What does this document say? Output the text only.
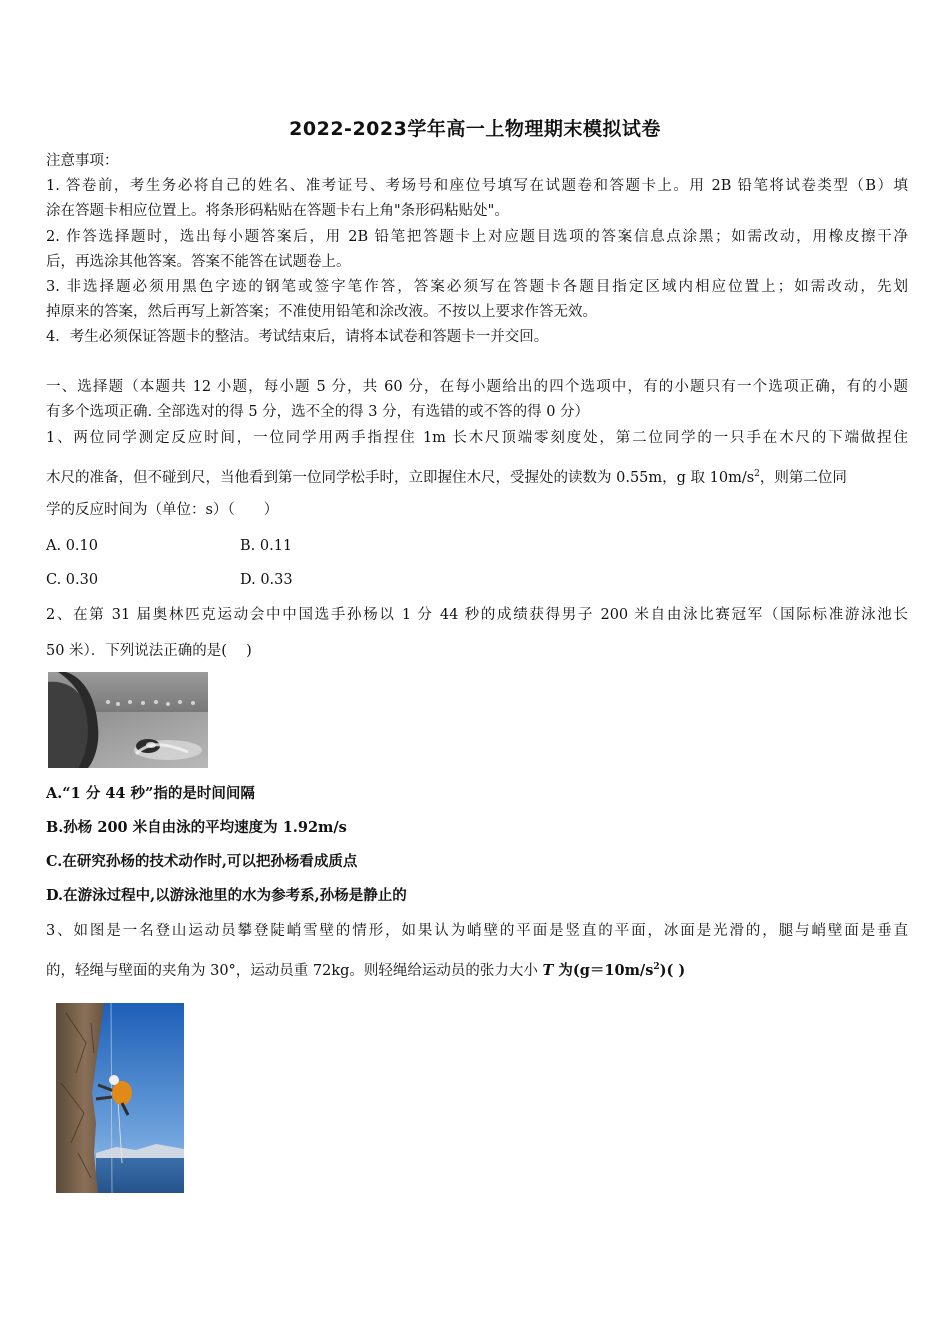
2022-2023学年高一上物理期末模拟试卷
注意事项：
1. 答卷前，考生务必将自己的姓名、准考证号、考场号和座位号填写在试题卷和答题卡上。用 2B 铅笔将试卷类型（B）填
涂在答题卡相应位置上。将条形码粘贴在答题卡右上角"条形码粘贴处"。
2. 作答选择题时，选出每小题答案后，用 2B 铅笔把答题卡上对应题目选项的答案信息点涂黑；如需改动，用橡皮擦干净
后，再选涂其他答案。答案不能答在试题卷上。
3. 非选择题必须用黑色字迹的钢笔或签字笔作答，答案必须写在答题卡各题目指定区域内相应位置上；如需改动，先划
掉原来的答案，然后再写上新答案；不准使用铅笔和涂改液。不按以上要求作答无效。
4．考生必须保证答题卡的整洁。考试结束后，请将本试卷和答题卡一并交回。
一、选择题（本题共 12 小题，每小题 5 分，共 60 分，在每小题给出的四个选项中，有的小题只有一个选项正确，有的小题
有多个选项正确. 全部选对的得 5 分，选不全的得 3 分，有选错的或不答的得 0 分）
1、两位同学测定反应时间，一位同学用两手指捏住 1m 长木尺顶端零刻度处，第二位同学的一只手在木尺的下端做捏住
木尺的准备，但不碰到尺，当他看到第一位同学松手时，立即握住木尺，受握处的读数为 0.55m，g 取 $10m/s^2$，则第二位同
学的反应时间为（单位：s）（　　）
A. 0.10	B. 0.11
C. 0.30	D. 0.33
2、在第 31 届奥林匹克运动会中中国选手孙杨以 1 分 44 秒的成绩获得男子 200 米自由泳比赛冠军（国际标准游泳池长
50 米）．下列说法正确的是(　 )
A.“1 分 44 秒”指的是时间间隔
B.孙杨 200 米自由泳的平均速度为 1.92m/s
C.在研究孙杨的技术动作时,可以把孙杨看成质点
D.在游泳过程中,以游泳池里的水为参考系,孙杨是静止的
3、如图是一名登山运动员攀登陡峭雪壁的情形，如果认为峭壁的平面是竖直的平面，冰面是光滑的，腿与峭壁面是垂直
的，轻绳与壁面的夹角为 30°，运动员重 72kg。则轻绳给运动员的张力大小 T 为$(g=10m/s^2)$( )
